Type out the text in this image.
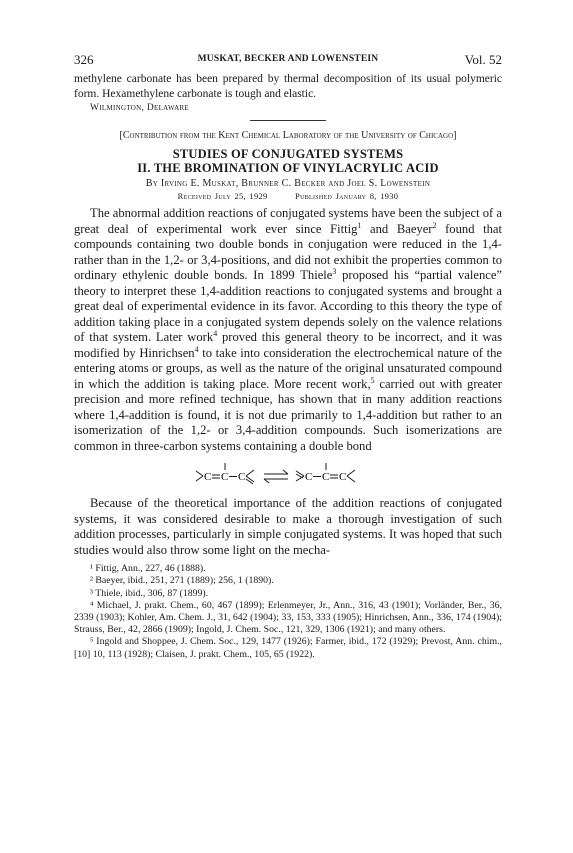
326	MUSKAT, BECKER AND LOWENSTEIN	Vol. 52

methylene carbonate has been prepared by thermal decomposition of its usual polymeric form. Hexamethylene carbonate is tough and elastic.

Wilmington, Delaware
[Contribution from the Kent Chemical Laboratory of the University of Chicago]
STUDIES OF CONJUGATED SYSTEMS
II. THE BROMINATION OF VINYLACRYLIC ACID
By Irving E. Muskat, Brunner C. Becker and Joel S. Lowenstein
Received July 25, 1929	Published January 8, 1930

The abnormal addition reactions of conjugated systems have been the subject of a great deal of experimental work ever since Fittig$^1$ and Baeyer$^2$ found that compounds containing two double bonds in conjugation were reduced in the 1,4- rather than in the 1,2- or 3,4-positions, and did not exhibit the properties common to ordinary ethylenic double bonds. In 1899 Thiele$^3$ proposed his “partial valence” theory to interpret these 1,4-addition reactions to conjugated systems and brought a great deal of experimental evidence in its favor. According to this theory the type of addition taking place in a conjugated system depends solely on the valence relations of that system. Later work$^4$ proved this general theory to be incorrect, and it was modified by Hinrichsen$^4$ to take into consideration the electrochemical nature of the entering atoms or groups, as well as the nature of the original unsaturated compound in which the addition is taking place. More recent work,$^5$ carried out with greater precision and more refined technique, has shown that in many addition reactions where 1,4-addition is found, it is not due primarily to 1,4-addition but rather to an isomerization of the 1,2- or 3,4-addition compounds. Such isomerizations are common in three-carbon systems containing a double bond

C C C	C C C

Because of the theoretical importance of the addition reactions of conjugated systems, it was considered desirable to make a thorough investigation of such addition processes, particularly in simple conjugated systems. It was hoped that such studies would also throw some light on the mecha-

¹ Fittig, Ann., 227, 46 (1888).

² Baeyer, ibid., 251, 271 (1889); 256, 1 (1890).

³ Thiele, ibid., 306, 87 (1899).

⁴ Michael, J. prakt. Chem., 60, 467 (1899); Erlenmeyer, Jr., Ann., 316, 43 (1901); Vorländer, Ber., 36, 2339 (1903); Kohler, Am. Chem. J., 31, 642 (1904); 33, 153, 333 (1905); Hinrichsen, Ann., 336, 174 (1904); Strauss, Ber., 42, 2866 (1909); Ingold, J. Chem. Soc., 121, 329, 1306 (1921); and many others.

⁵ Ingold and Shoppee, J. Chem. Soc., 129, 1477 (1926); Farmer, ibid., 172 (1929); Prevost, Ann. chim., [10] 10, 113 (1928); Claisen, J. prakt. Chem., 105, 65 (1922).
